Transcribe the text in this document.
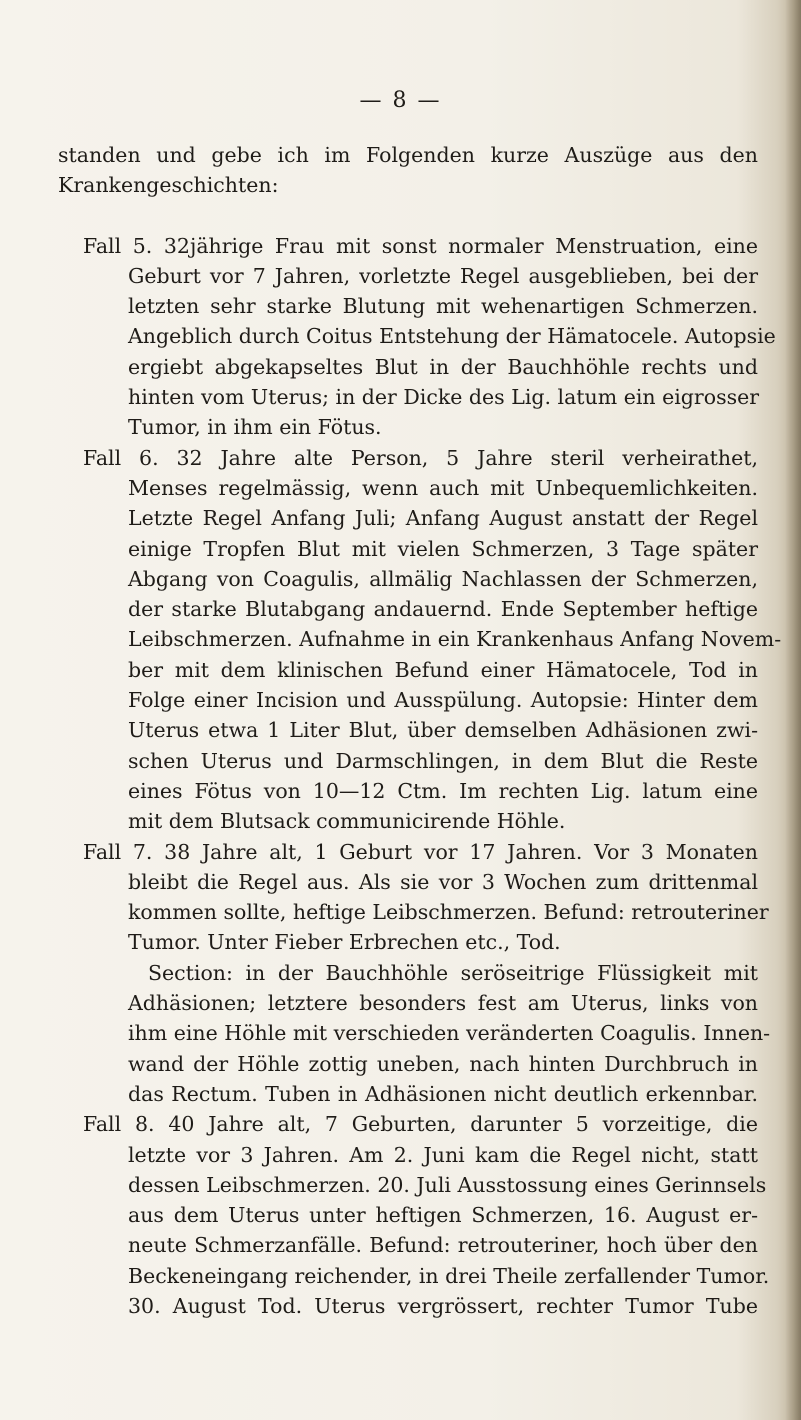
— 8 —
standen und gebe ich im Folgenden kurze Auszüge aus den
Krankengeschichten:
Fall 5. 32jährige Frau mit sonst normaler Menstruation, eine
Geburt vor 7 Jahren, vorletzte Regel ausgeblieben, bei der
letzten sehr starke Blutung mit wehenartigen Schmerzen.
Angeblich durch Coitus Entstehung der Hämatocele. Autopsie
ergiebt abgekapseltes Blut in der Bauchhöhle rechts und
hinten vom Uterus; in der Dicke des Lig. latum ein eigrosser
Tumor, in ihm ein Fötus.
Fall 6. 32 Jahre alte Person, 5 Jahre steril verheirathet,
Menses regelmässig, wenn auch mit Unbequemlichkeiten.
Letzte Regel Anfang Juli; Anfang August anstatt der Regel
einige Tropfen Blut mit vielen Schmerzen, 3 Tage später
Abgang von Coagulis, allmälig Nachlassen der Schmerzen,
der starke Blutabgang andauernd. Ende September heftige
Leibschmerzen. Aufnahme in ein Krankenhaus Anfang Novem-
ber mit dem klinischen Befund einer Hämatocele, Tod in
Folge einer Incision und Ausspülung. Autopsie: Hinter dem
Uterus etwa 1 Liter Blut, über demselben Adhäsionen zwi-
schen Uterus und Darmschlingen, in dem Blut die Reste
eines Fötus von 10—12 Ctm. Im rechten Lig. latum eine
mit dem Blutsack communicirende Höhle.
Fall 7. 38 Jahre alt, 1 Geburt vor 17 Jahren. Vor 3 Monaten
bleibt die Regel aus. Als sie vor 3 Wochen zum drittenmal
kommen sollte, heftige Leibschmerzen. Befund: retrouteriner
Tumor. Unter Fieber Erbrechen etc., Tod.
Section: in der Bauchhöhle seröseitrige Flüssigkeit mit
Adhäsionen; letztere besonders fest am Uterus, links von
ihm eine Höhle mit verschieden veränderten Coagulis. Innen-
wand der Höhle zottig uneben, nach hinten Durchbruch in
das Rectum. Tuben in Adhäsionen nicht deutlich erkennbar.
Fall 8. 40 Jahre alt, 7 Geburten, darunter 5 vorzeitige, die
letzte vor 3 Jahren. Am 2. Juni kam die Regel nicht, statt
dessen Leibschmerzen. 20. Juli Ausstossung eines Gerinnsels
aus dem Uterus unter heftigen Schmerzen, 16. August er-
neute Schmerzanfälle. Befund: retrouteriner, hoch über den
Beckeneingang reichender, in drei Theile zerfallender Tumor.
30. August Tod. Uterus vergrössert, rechter Tumor Tube
